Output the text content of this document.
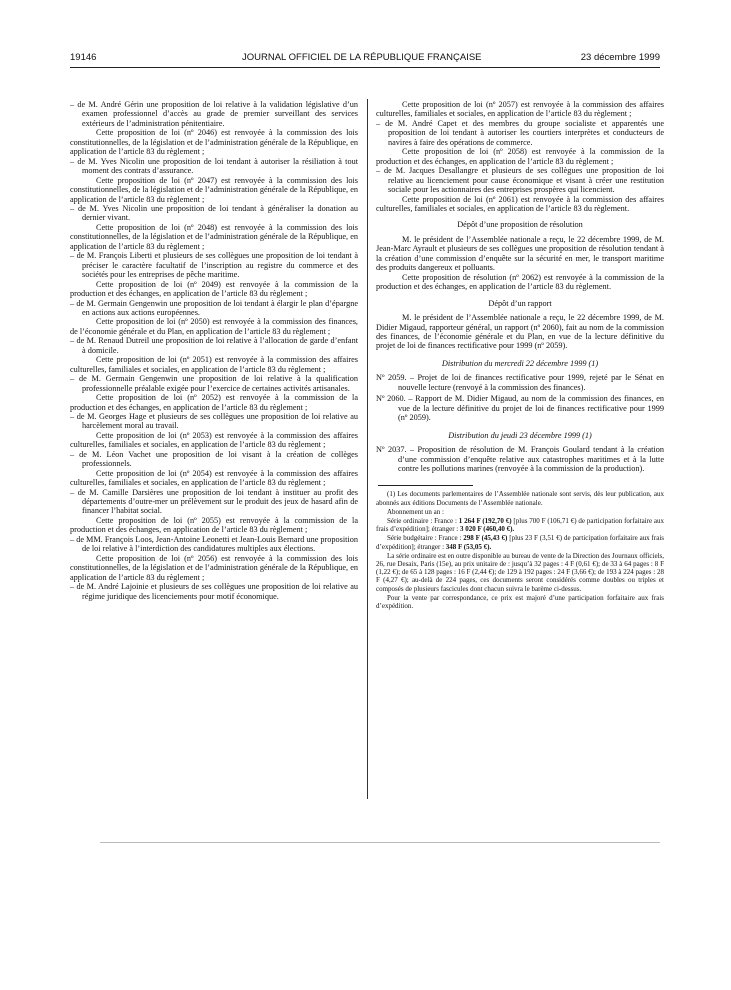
19146	JOURNAL OFFICIEL DE LA RÉPUBLIQUE FRANÇAISE	23 décembre 1999

– de M. André Gérin une proposition de loi relative à la validation législative d’un examen professionnel d’accès au grade de premier surveillant des services extérieurs de l’administration pénitentiaire.

Cette proposition de loi (nº 2046) est renvoyée à la commission des lois constitutionnelles, de la législation et de l’administration générale de la République, en application de l’article 83 du règlement ;

– de M. Yves Nicolin une proposition de loi tendant à autoriser la résiliation à tout moment des contrats d’assurance.

Cette proposition de loi (nº 2047) est renvoyée à la commission des lois constitutionnelles, de la législation et de l’administration générale de la République, en application de l’article 83 du règlement ;

– de M. Yves Nicolin une proposition de loi tendant à généraliser la donation au dernier vivant.

Cette proposition de loi (nº 2048) est renvoyée à la commission des lois constitutionnelles, de la législation et de l’administration générale de la République, en application de l’article 83 du règlement ;

– de M. François Liberti et plusieurs de ses collègues une proposition de loi tendant à préciser le caractère facultatif de l’inscription au registre du commerce et des sociétés pour les entreprises de pêche maritime.

Cette proposition de loi (nº 2049) est renvoyée à la commission de la production et des échanges, en application de l’article 83 du règlement ;

– de M. Germain Gengenwin une proposition de loi tendant à élargir le plan d’épargne en actions aux actions européennes.

Cette proposition de loi (nº 2050) est renvoyée à la commission des finances, de l’économie générale et du Plan, en application de l’article 83 du règlement ;

– de M. Renaud Dutreil une proposition de loi relative à l’allocation de garde d’enfant à domicile.

Cette proposition de loi (nº 2051) est renvoyée à la commission des affaires culturelles, familiales et sociales, en application de l’article 83 du règlement ;

– de M. Germain Gengenwin une proposition de loi relative à la qualification professionnelle préalable exigée pour l’exercice de certaines activités artisanales.

Cette proposition de loi (nº 2052) est renvoyée à la commission de la production et des échanges, en application de l’article 83 du règlement ;

– de M. Georges Hage et plusieurs de ses collègues une proposition de loi relative au harcèlement moral au travail.

Cette proposition de loi (nº 2053) est renvoyée à la commission des affaires culturelles, familiales et sociales, en application de l’article 83 du règlement ;

– de M. Léon Vachet une proposition de loi visant à la création de collèges professionnels.

Cette proposition de loi (nº 2054) est renvoyée à la commission des affaires culturelles, familiales et sociales, en application de l’article 83 du règlement ;

– de M. Camille Darsières une proposition de loi tendant à instituer au profit des départements d’outre-mer un prélèvement sur le produit des jeux de hasard afin de financer l’habitat social.

Cette proposition de loi (nº 2055) est renvoyée à la commission de la production et des échanges, en application de l’article 83 du règlement ;

– de MM. François Loos, Jean-Antoine Leonetti et Jean-Louis Bernard une proposition de loi relative à l’interdiction des candidatures multiples aux élections.

Cette proposition de loi (nº 2056) est renvoyée à la commission des lois constitutionnelles, de la législation et de l’administration générale de la République, en application de l’article 83 du règlement ;

– de M. André Lajoinie et plusieurs de ses collègues une proposition de loi relative au régime juridique des licenciements pour motif économique.

Cette proposition de loi (nº 2057) est renvoyée à la commission des affaires culturelles, familiales et sociales, en application de l’article 83 du règlement ;

– de M. André Capet et des membres du groupe socialiste et apparentés une proposition de loi tendant à autoriser les courtiers interprètes et conducteurs de navires à faire des opérations de commerce.

Cette proposition de loi (nº 2058) est renvoyée à la commission de la production et des échanges, en application de l’article 83 du règlement ;

– de M. Jacques Desallangre et plusieurs de ses collègues une proposition de loi relative au licenciement pour cause économique et visant à créer une restitution sociale pour les actionnaires des entreprises prospères qui licencient.

Cette proposition de loi (nº 2061) est renvoyée à la commission des affaires culturelles, familiales et sociales, en application de l’article 83 du règlement.

Dépôt d’une proposition de résolution

M. le président de l’Assemblée nationale a reçu, le 22 décembre 1999, de M. Jean-Marc Ayrault et plusieurs de ses collègues une proposition de résolution tendant à la création d’une commission d’enquête sur la sécurité en mer, le transport maritime des produits dangereux et polluants.

Cette proposition de résolution (nº 2062) est renvoyée à la commission de la production et des échanges, en application de l’article 83 du règlement.

Dépôt d’un rapport

M. le président de l’Assemblée nationale a reçu, le 22 décembre 1999, de M. Didier Migaud, rapporteur général, un rapport (nº 2060), fait au nom de la commission des finances, de l’économie générale et du Plan, en vue de la lecture définitive du projet de loi de finances rectificative pour 1999 (nº 2059).

Distribution du mercredi 22 décembre 1999 (1)

Nº 2059. – Projet de loi de finances rectificative pour 1999, rejeté par le Sénat en nouvelle lecture (renvoyé à la commission des finances).

Nº 2060. – Rapport de M. Didier Migaud, au nom de la commission des finances, en vue de la lecture définitive du projet de loi de finances rectificative pour 1999 (nº 2059).

Distribution du jeudi 23 décembre 1999 (1)

Nº 2037. – Proposition de résolution de M. François Goulard tendant à la création d’une commission d’enquête relative aux catastrophes maritimes et à la lutte contre les pollutions marines (renvoyée à la commission de la production).

(1) Les documents parlementaires de l’Assemblée nationale sont servis, dès leur publication, aux abonnés aux éditions Documents de l’Assemblée nationale.

Abonnement un an :

Série ordinaire : France : 1 264 F (192,70 €) [plus 700 F (106,71 €) de participation forfaitaire aux frais d’expédition]; étranger : 3 020 F (460,40 €).

Série budgétaire : France : 298 F (45,43 €) [plus 23 F (3,51 €) de participation forfaitaire aux frais d’expédition]; étranger : 348 F (53,05 €).

La série ordinaire est en outre disponible au bureau de vente de la Direction des Journaux officiels, 26, rue Desaix, Paris (15e), au prix unitaire de : jusqu’à 32 pages : 4 F (0,61 €); de 33 à 64 pages : 8 F (1,22 €); de 65 à 128 pages : 16 F (2,44 €); de 129 à 192 pages : 24 F (3,66 €); de 193 à 224 pages : 28 F (4,27 €); au-delà de 224 pages, ces documents seront considérés comme doubles ou triples et composés de plusieurs fascicules dont chacun suivra le barème ci-dessus.

Pour la vente par correspondance, ce prix est majoré d’une participation forfaitaire aux frais d’expédition.
